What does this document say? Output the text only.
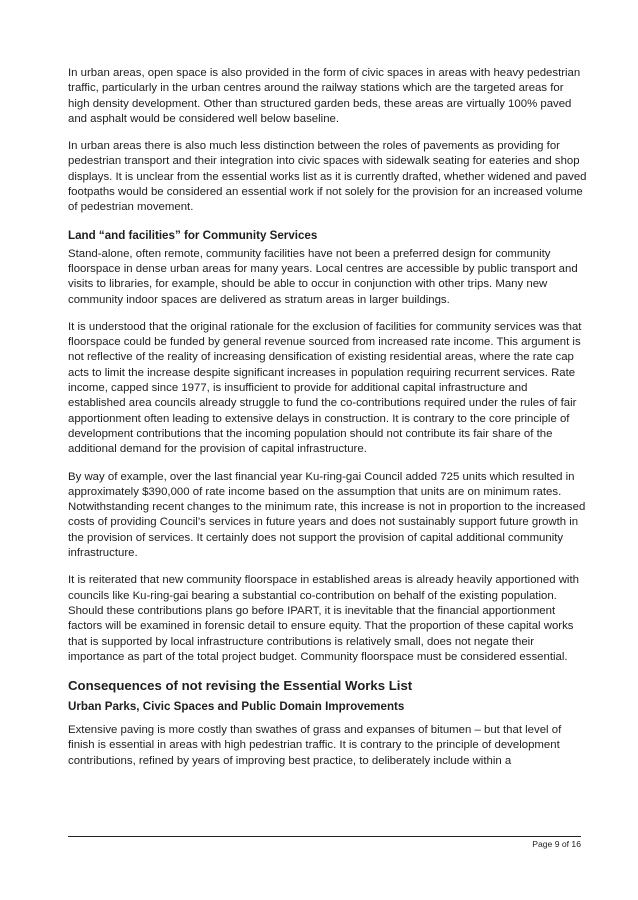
In urban areas, open space is also provided in the form of civic spaces in areas with heavy pedestrian traffic, particularly in the urban centres around the railway stations which are the targeted areas for high density development. Other than structured garden beds, these areas are virtually 100% paved and asphalt would be considered well below baseline.

In urban areas there is also much less distinction between the roles of pavements as providing for pedestrian transport and their integration into civic spaces with sidewalk seating for eateries and shop displays. It is unclear from the essential works list as it is currently drafted, whether widened and paved footpaths would be considered an essential work if not solely for the provision for an increased volume of pedestrian movement.

Land “and facilities” for Community Services

Stand-alone, often remote, community facilities have not been a preferred design for community floorspace in dense urban areas for many years. Local centres are accessible by public transport and visits to libraries, for example, should be able to occur in conjunction with other trips. Many new community indoor spaces are delivered as stratum areas in larger buildings.

It is understood that the original rationale for the exclusion of facilities for community services was that floorspace could be funded by general revenue sourced from increased rate income. This argument is not reflective of the reality of increasing densification of existing residential areas, where the rate cap acts to limit the increase despite significant increases in population requiring recurrent services. Rate income, capped since 1977, is insufficient to provide for additional capital infrastructure and established area councils already struggle to fund the co-contributions required under the rules of fair apportionment often leading to extensive delays in construction. It is contrary to the core principle of development contributions that the incoming population should not contribute its fair share of the additional demand for the provision of capital infrastructure.

By way of example, over the last financial year Ku-ring-gai Council added 725 units which resulted in approximately $390,000 of rate income based on the assumption that units are on minimum rates. Notwithstanding recent changes to the minimum rate, this increase is not in proportion to the increased costs of providing Council’s services in future years and does not sustainably support future growth in the provision of services. It certainly does not support the provision of capital additional community infrastructure.

It is reiterated that new community floorspace in established areas is already heavily apportioned with councils like Ku-ring-gai bearing a substantial co-contribution on behalf of the existing population. Should these contributions plans go before IPART, it is inevitable that the financial apportionment factors will be examined in forensic detail to ensure equity. That the proportion of these capital works that is supported by local infrastructure contributions is relatively small, does not negate their importance as part of the total project budget. Community floorspace must be considered essential.

Consequences of not revising the Essential Works List
Urban Parks, Civic Spaces and Public Domain Improvements

Extensive paving is more costly than swathes of grass and expanses of bitumen – but that level of finish is essential in areas with high pedestrian traffic. It is contrary to the principle of development contributions, refined by years of improving best practice, to deliberately include within a

Page 9 of 16
